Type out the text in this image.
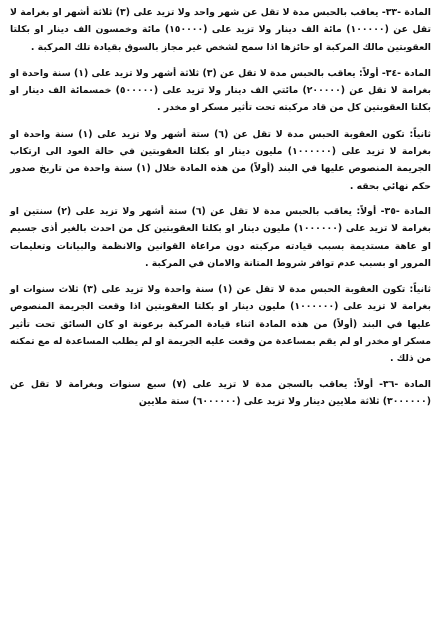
المادة -٣٣- يعاقب بالحبس مدة لا تقل عن شهر واحد ولا تزيد على (٣) ثلاثة أشهر او بغرامة لا تقل عن (١٠٠٠٠٠) مائة الف دينار ولا تزيد على (١٥٠٠٠٠) مائة وخمسون الف دينار او بكلتا العقوبتين مالك المركبة او حائزها اذا سمح لشخص غير مجاز بالسوق بقيادة تلك المركبة .

المادة -٣٤- أولاً: يعاقب بالحبس مدة لا تقل عن (٣) ثلاثة أشهر ولا تزيد على (١) سنة واحدة او بغرامة لا تقل عن (٢٠٠٠٠٠) مائتي الف دينار ولا تزيد على (٥٠٠٠٠٠) خمسمائة الف دينار او بكلتا العقوبتين كل من قاد مركبته تحت تأثير مسكر او مخدر .

ثانياً: تكون العقوبة الحبس مدة لا تقل عن (٦) ستة أشهر ولا تزيد على (١) سنة واحدة او بغرامة لا تزيد على (١٠٠٠٠٠٠) مليون دينار او بكلتا العقوبتين في حالة العود الى ارتكاب الجريمة المنصوص عليها في البند (أولاً) من هذه المادة خلال (١) سنة واحدة من تاريخ صدور حكم نهائي بحقه .

المادة -٣٥- أولاً: يعاقب بالحبس مدة لا تقل عن (٦) ستة أشهر ولا تزيد على (٢) سنتين او بغرامة لا تزيد على (١٠٠٠٠٠٠) مليون دينار او بكلتا العقوبتين كل من احدث بالغير أذى جسيم او عاهة مستديمة بسبب قيادته مركبته دون مراعاة القوانين والانظمة والبيانات وتعليمات المرور او بسبب عدم توافر شروط المتانة والامان في المركبة .

ثانياً: تكون العقوبة الحبس مدة لا تقل عن (١) سنة واحدة ولا تزيد على (٣) ثلاث سنوات او بغرامة لا تزيد على (١٠٠٠٠٠٠) مليون دينار او بكلتا العقوبتين اذا وقعت الجريمة المنصوص عليها في البند (أولاً) من هذه المادة اثناء قيادة المركبة برعونة او كان السائق تحت تأثير مسكر او مخدر او لم يقم بمساعدة من وقعت عليه الجريمة او لم يطلب المساعدة له مع تمكنه من ذلك .

المادة -٣٦- أولاً: يعاقب بالسجن مدة لا تزيد على (٧) سبع سنوات وبغرامة لا تقل عن (٣٠٠٠٠٠٠) ثلاثة ملايين دينار ولا تزيد على (٦٠٠٠٠٠٠) ستة ملايين
